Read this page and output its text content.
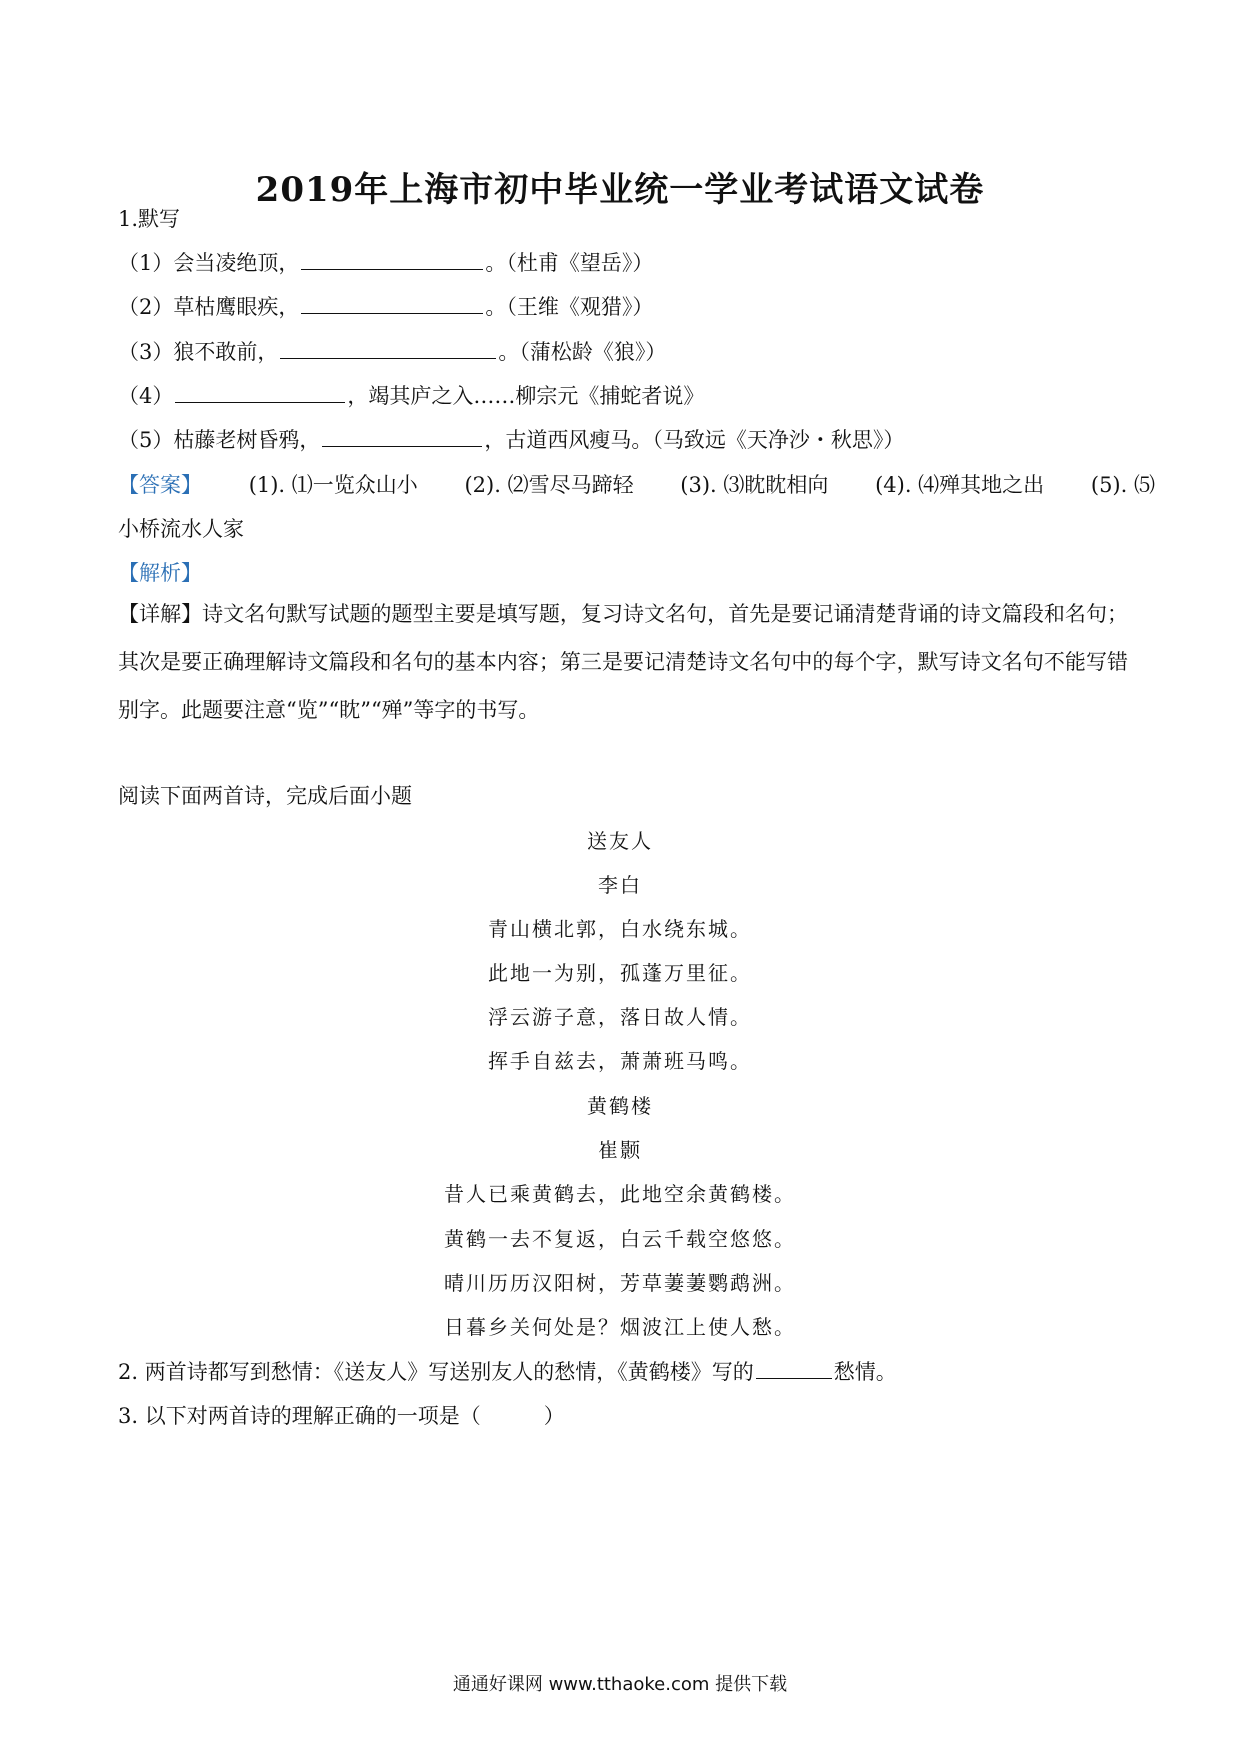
2019年上海市初中毕业统一学业考试语文试卷
1.默写
（1）会当凌绝顶，	。（杜甫《望岳》）
（2）草枯鹰眼疾，	。（王维《观猎》）
（3）狼不敢前，	。（蒲松龄《狼》）
（4）	，竭其庐之入……柳宗元《捕蛇者说》
（5）枯藤老树昏鸦，	，古道西风瘦马。（马致远《天净沙・秋思》）
【答案】 (1). ⑴一览众山小 (2). ⑵雪尽马蹄轻 (3). ⑶眈眈相向 (4). ⑷殚其地之出 (5). ⑸
小桥流水人家
【解析】
【详解】诗文名句默写试题的题型主要是填写题，复习诗文名句，首先是要记诵清楚背诵的诗文篇段和名句；其次是要正确理解诗文篇段和名句的基本内容；第三是要记清楚诗文名句中的每个字，默写诗文名句不能写错别字。此题要注意“览”“眈”“殚”等字的书写。
阅读下面两首诗，完成后面小题
送友人
李白
青山横北郭，白水绕东城。
此地一为别，孤蓬万里征。
浮云游子意，落日故人情。
挥手自兹去，萧萧班马鸣。
黄鹤楼
崔颢
昔人已乘黄鹤去，此地空余黄鹤楼。
黄鹤一去不复返，白云千载空悠悠。
晴川历历汉阳树，芳草萋萋鹦鹉洲。
日暮乡关何处是？烟波江上使人愁。
2. 两首诗都写到愁情：《送友人》写送别友人的愁情，《黄鹤楼》写的	愁情。
3. 以下对两首诗的理解正确的一项是（　　　）
通通好课网 www.tthaoke.com 提供下载
